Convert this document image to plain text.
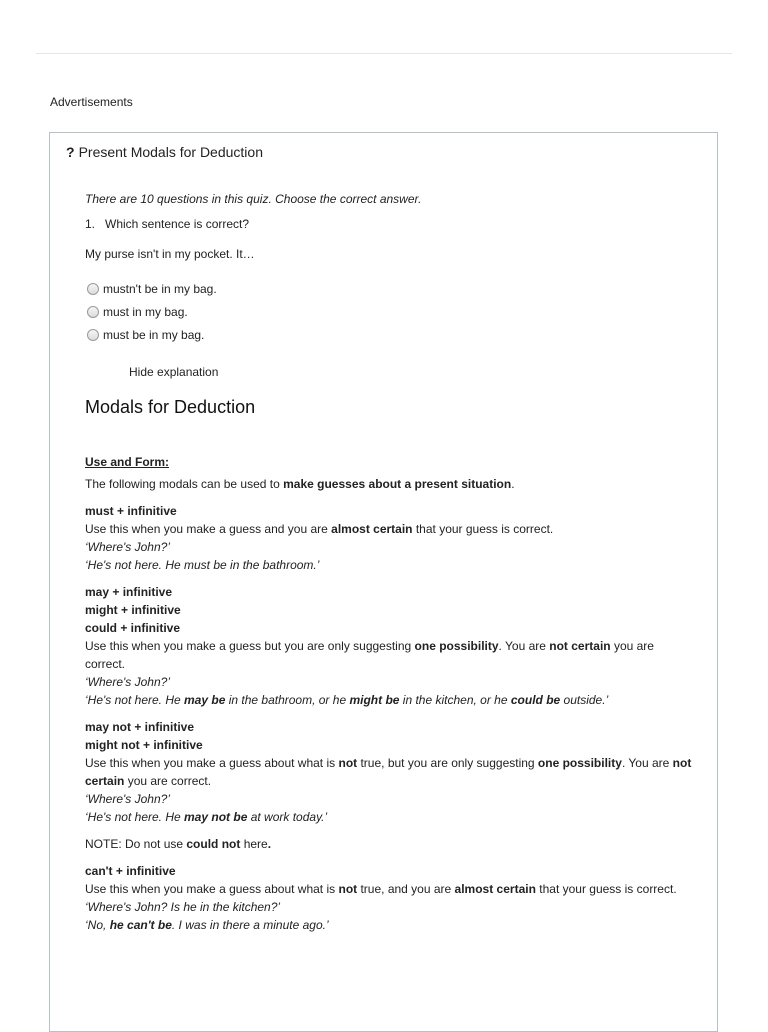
Advertisements
? Present Modals for Deduction

There are 10 questions in this quiz. Choose the correct answer.

1. Which sentence is correct?
My purse isn't in my pocket. It…
mustn't be in my bag.
must in my bag.
must be in my bag.
Hide explanation
Modals for Deduction
Use and Form:
The following modals can be used to make guesses about a present situation.
must + infinitive
Use this when you make a guess and you are almost certain that your guess is correct.
‘Where's John?’
‘He's not here. He must be in the bathroom.’
may + infinitive
might + infinitive
could + infinitive
Use this when you make a guess but you are only suggesting one possibility. You are not certain you are correct.
‘Where's John?’
‘He's not here. He may be in the bathroom, or he might be in the kitchen, or he could be outside.’
may not + infinitive
might not + infinitive
Use this when you make a guess about what is not true, but you are only suggesting one possibility. You are not certain you are correct.
‘Where's John?’
‘He's not here. He may not be at work today.’
NOTE: Do not use could not here.
can't + infinitive
Use this when you make a guess about what is not true, and you are almost certain that your guess is correct.
‘Where's John? Is he in the kitchen?’
‘No, he can't be. I was in there a minute ago.’
